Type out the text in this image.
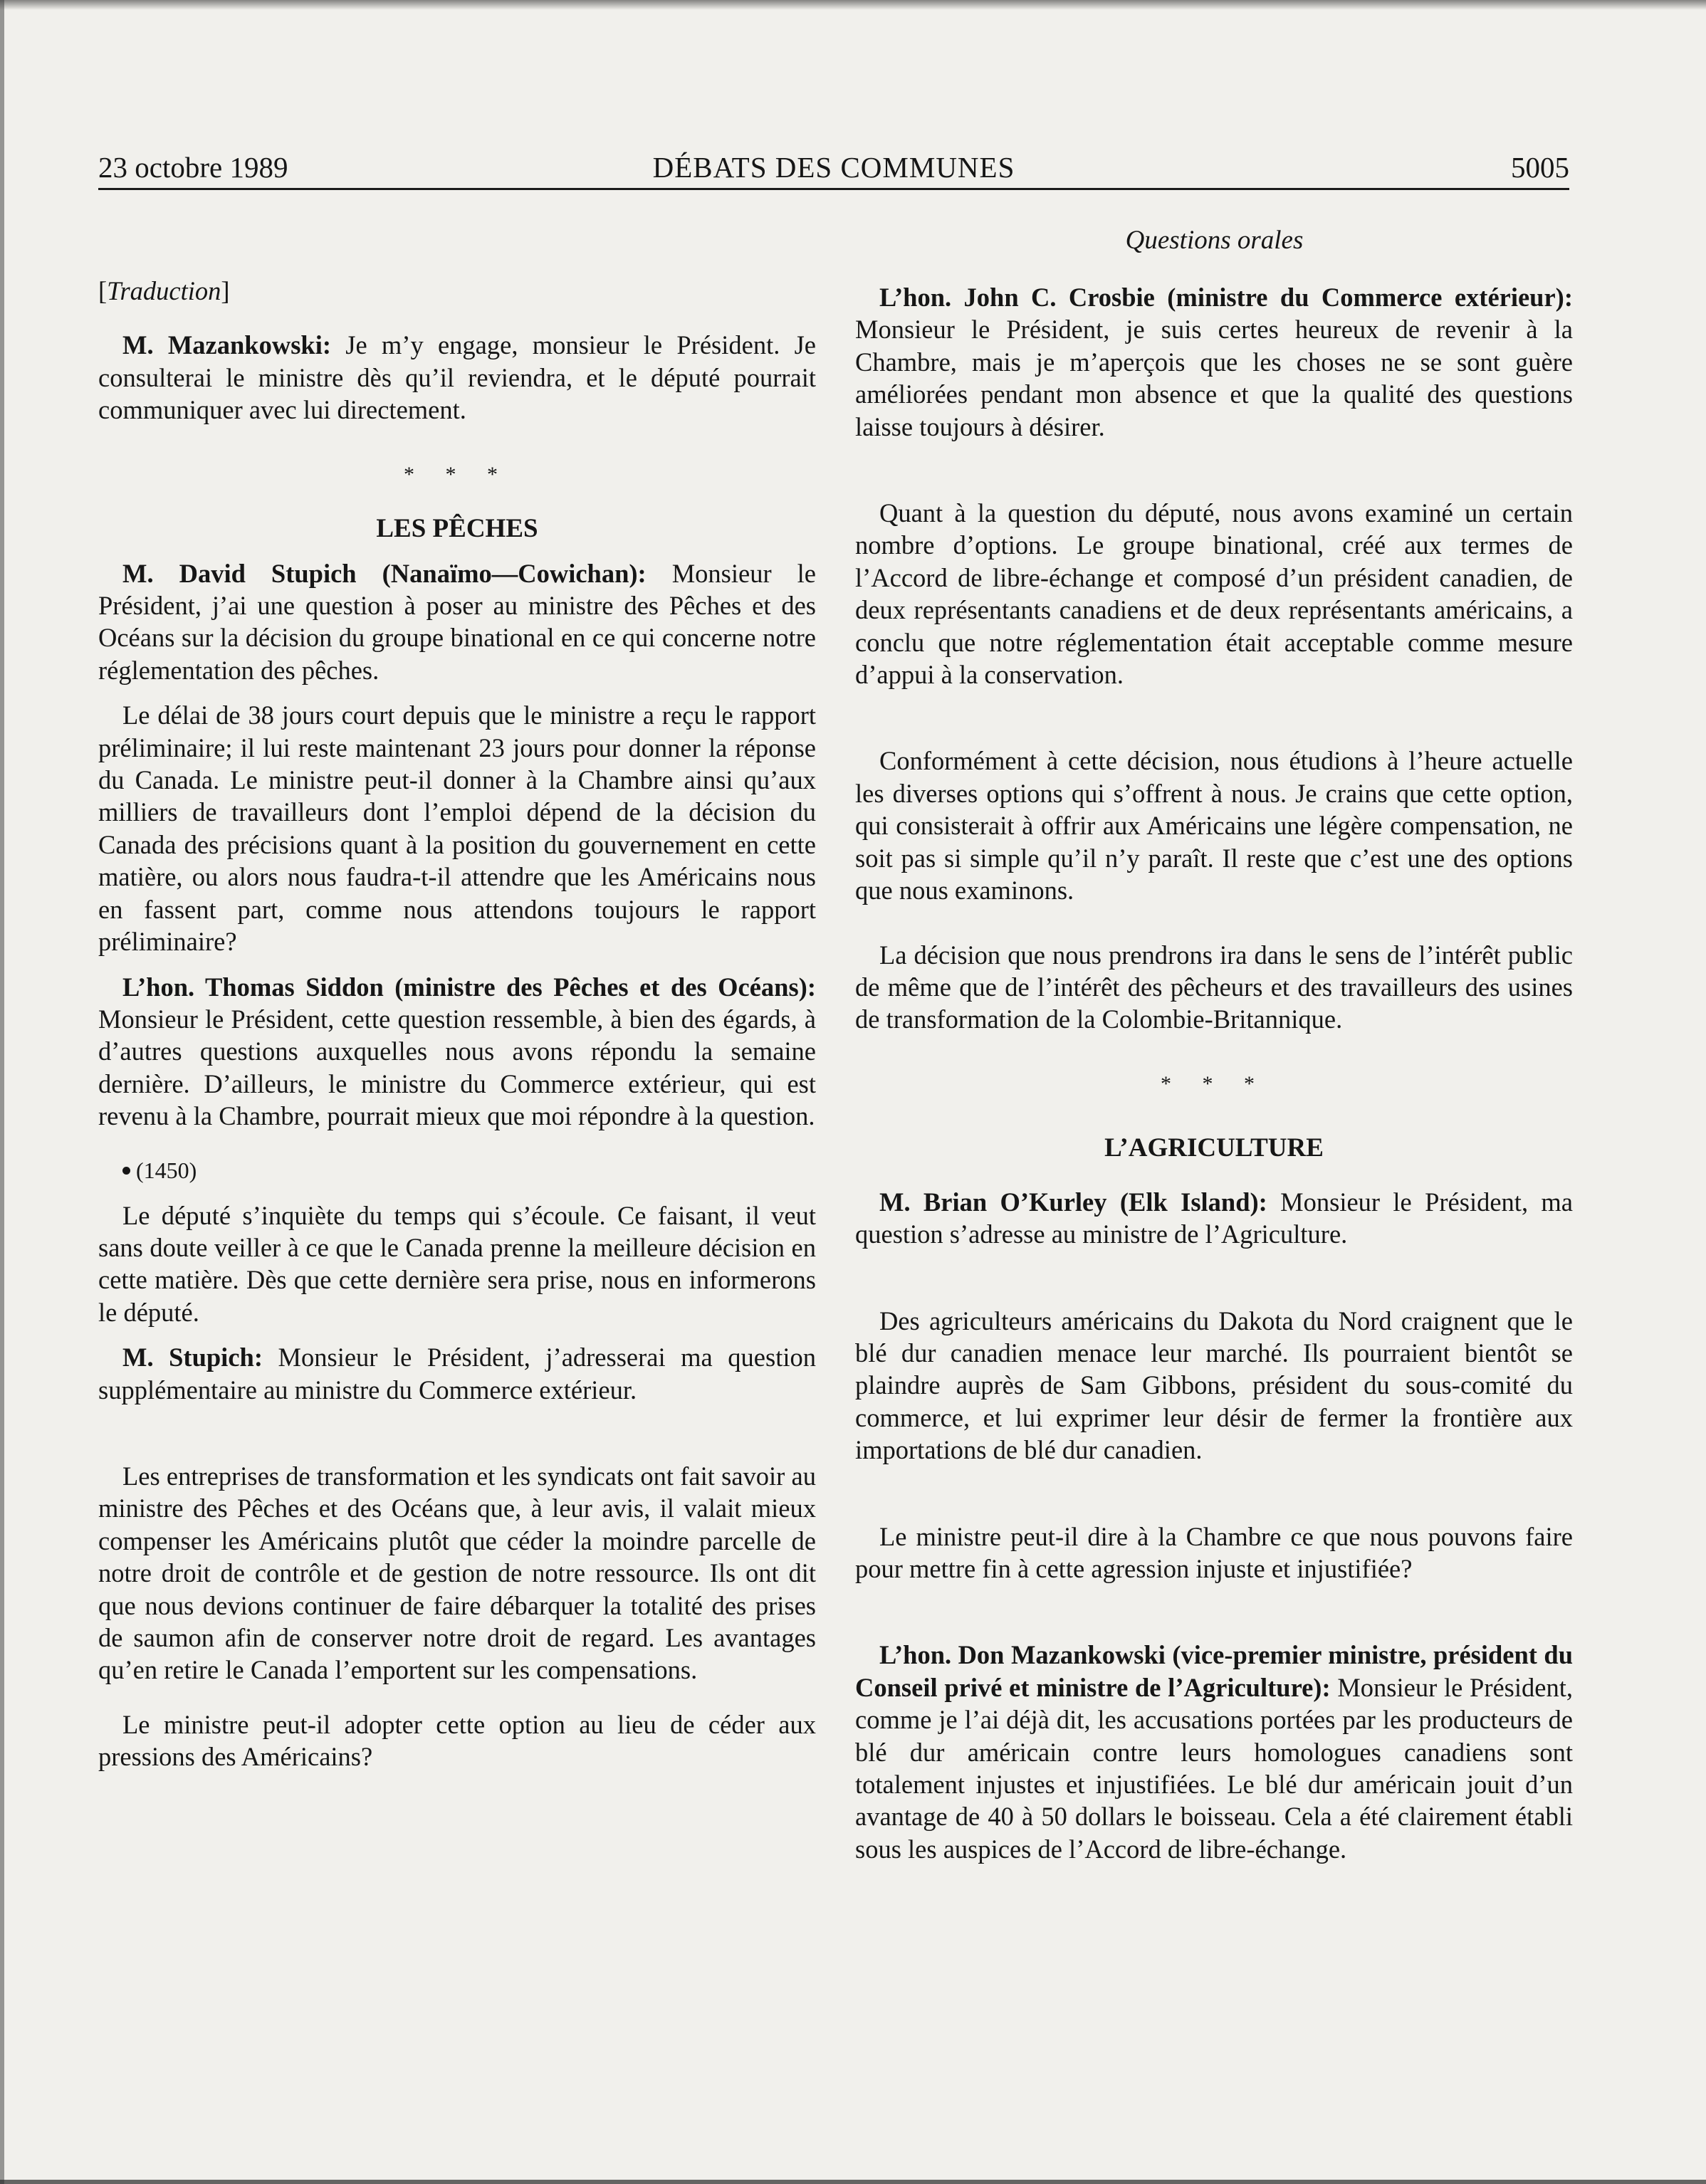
23 octobre 1989	DÉBATS DES COMMUNES	5005
Questions orales

[Traduction]

M. Mazankowski: Je m’y engage, monsieur le Président. Je consulterai le ministre dès qu’il reviendra, et le député pourrait communiquer avec lui directement.

* * *
LES PÊCHES

M. David Stupich (Nanaïmo—Cowichan): Monsieur le Président, j’ai une question à poser au ministre des Pêches et des Océans sur la décision du groupe binational en ce qui concerne notre réglementation des pêches.

Le délai de 38 jours court depuis que le ministre a reçu le rapport préliminaire; il lui reste maintenant 23 jours pour donner la réponse du Canada. Le ministre peut-il donner à la Chambre ainsi qu’aux milliers de travailleurs dont l’emploi dépend de la décision du Canada des précisions quant à la position du gouvernement en cette matière, ou alors nous faudra-t-il attendre que les Américains nous en fassent part, comme nous attendons toujours le rapport préliminaire?

L’hon. Thomas Siddon (ministre des Pêches et des Océans): Monsieur le Président, cette question ressemble, à bien des égards, à d’autres questions auxquelles nous avons répondu la semaine dernière. D’ailleurs, le ministre du Commerce extérieur, qui est revenu à la Chambre, pourrait mieux que moi répondre à la question.

(1450)

Le député s’inquiète du temps qui s’écoule. Ce faisant, il veut sans doute veiller à ce que le Canada prenne la meilleure décision en cette matière. Dès que cette dernière sera prise, nous en informerons le député.

M. Stupich: Monsieur le Président, j’adresserai ma question supplémentaire au ministre du Commerce extérieur.

Les entreprises de transformation et les syndicats ont fait savoir au ministre des Pêches et des Océans que, à leur avis, il valait mieux compenser les Américains plutôt que céder la moindre parcelle de notre droit de contrôle et de gestion de notre ressource. Ils ont dit que nous devions continuer de faire débarquer la totalité des prises de saumon afin de conserver notre droit de regard. Les avantages qu’en retire le Canada l’emportent sur les compensations.

Le ministre peut-il adopter cette option au lieu de céder aux pressions des Américains?

L’hon. John C. Crosbie (ministre du Commerce extérieur): Monsieur le Président, je suis certes heureux de revenir à la Chambre, mais je m’aperçois que les choses ne se sont guère améliorées pendant mon absence et que la qualité des questions laisse toujours à désirer.

Quant à la question du député, nous avons examiné un certain nombre d’options. Le groupe binational, créé aux termes de l’Accord de libre-échange et composé d’un président canadien, de deux représentants canadiens et de deux représentants américains, a conclu que notre réglementation était acceptable comme mesure d’appui à la conservation.

Conformément à cette décision, nous étudions à l’heure actuelle les diverses options qui s’offrent à nous. Je crains que cette option, qui consisterait à offrir aux Américains une légère compensation, ne soit pas si simple qu’il n’y paraît. Il reste que c’est une des options que nous examinons.

La décision que nous prendrons ira dans le sens de l’intérêt public de même que de l’intérêt des pêcheurs et des travailleurs des usines de transformation de la Colombie-Britannique.

* * *
L’AGRICULTURE

M. Brian O’Kurley (Elk Island): Monsieur le Président, ma question s’adresse au ministre de l’Agriculture.

Des agriculteurs américains du Dakota du Nord craignent que le blé dur canadien menace leur marché. Ils pourraient bientôt se plaindre auprès de Sam Gibbons, président du sous-comité du commerce, et lui exprimer leur désir de fermer la frontière aux importations de blé dur canadien.

Le ministre peut-il dire à la Chambre ce que nous pouvons faire pour mettre fin à cette agression injuste et injustifiée?

L’hon. Don Mazankowski (vice-premier ministre, président du Conseil privé et ministre de l’Agriculture): Monsieur le Président, comme je l’ai déjà dit, les accusations portées par les producteurs de blé dur américain contre leurs homologues canadiens sont totalement injustes et injustifiées. Le blé dur américain jouit d’un avantage de 40 à 50 dollars le boisseau. Cela a été clairement établi sous les auspices de l’Accord de libre-échange.
